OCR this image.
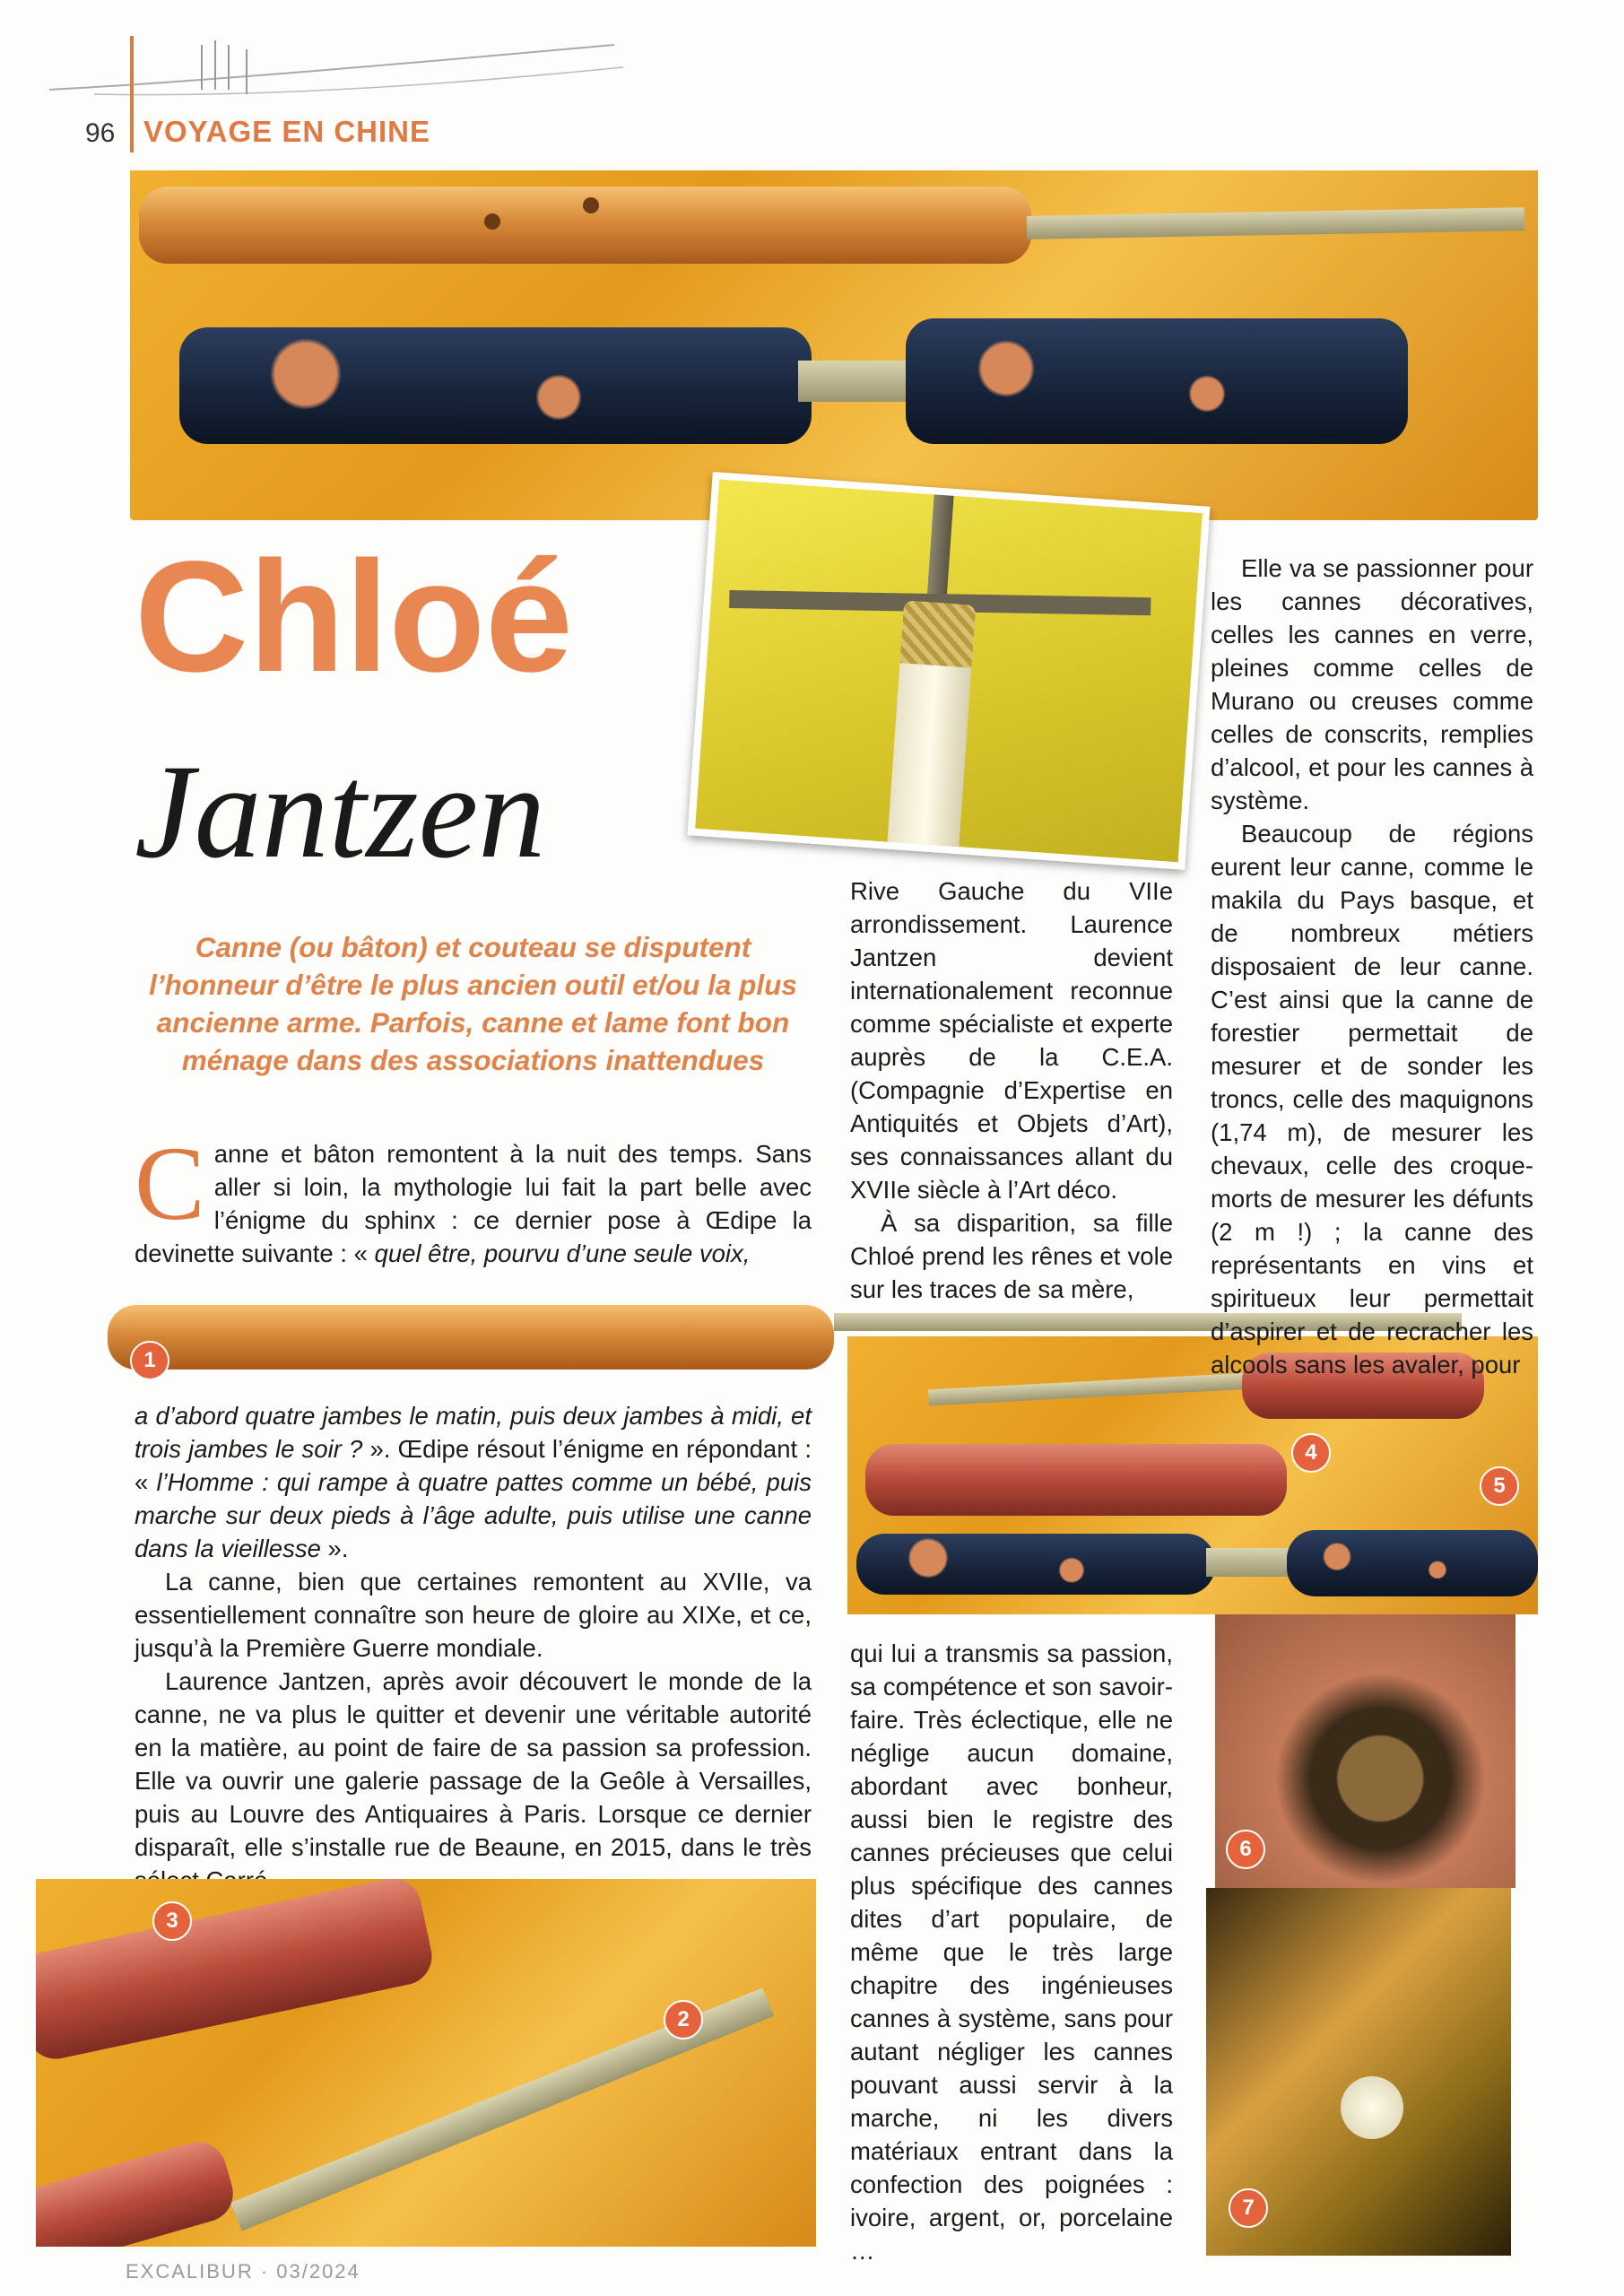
96 VOYAGE EN CHINE
Chloé
Jantzen
Canne (ou bâton) et couteau se disputent l’honneur d’être le plus ancien outil et/ou la plus ancienne arme. Parfois, canne et lame font bon ménage dans des associations inattendues

Canne et bâton remontent à la nuit des temps. Sans aller si loin, la mythologie lui fait la part belle avec l’énigme du sphinx : ce dernier pose à Œdipe la devinette suivante : « quel être, pourvu d’une seule voix,

1

a d’abord quatre jambes le matin, puis deux jambes à midi, et trois jambes le soir ? ». Œdipe résout l’énigme en répondant : « l’Homme : qui rampe à quatre pattes comme un bébé, puis marche sur deux pieds à l’âge adulte, puis utilise une canne dans la vieillesse ».

La canne, bien que certaines remontent au XVIIe, va essentiellement connaître son heure de gloire au XIXe, et ce, jusqu’à la Première Guerre mondiale.

Laurence Jantzen, après avoir découvert le monde de la canne, ne va plus le quitter et devenir une véritable autorité en la matière, au point de faire de sa passion sa profession. Elle va ouvrir une galerie passage de la Geôle à Versailles, puis au Louvre des Antiquaires à Paris. Lorsque ce dernier disparaît, elle s’installe rue de Beaune, en 2015, dans le très

3
2

Rive Gauche du VIIe arrondissement. Laurence Jantzen devient internationalement reconnue comme spécialiste et experte auprès de la C.E.A. (Compagnie d’Expertise en Antiquités et Objets d’Art), ses connaissances allant du XVIIe siècle à l’Art déco.

À sa disparition, sa fille Chloé prend les rênes et vole sur les traces de sa mère,

4
5

qui lui a transmis sa passion, sa compétence et son savoir-faire. Très éclectique, elle ne néglige aucun domaine, abordant avec bonheur, aussi bien le registre des cannes précieuses que celui plus spécifique des cannes dites d’art populaire, de même que le très large chapitre des ingénieuses cannes à système, sans pour autant négliger les cannes pouvant aussi servir à la marche, ni les divers matériaux entrant dans la confection des poignées : ivoire, argent, or, porcelaine …

Elle va se passionner pour les cannes décoratives, celles les cannes en verre, pleines comme celles de Murano ou creuses comme celles de conscrits, remplies d’alcool, et pour les cannes à système.

Beaucoup de régions eurent leur canne, comme le makila du Pays basque, et de nombreux métiers disposaient de leur canne. C’est ainsi que la canne de forestier permettait de mesurer et de sonder les troncs, celle des maquignons (1,74 m), de mesurer les chevaux, celle des croque-morts de mesurer les défunts (2 m !) ; la canne des représentants en vins et spiritueux leur permettait d’aspirer et de recracher les alcools sans les avaler, pour

6
7
EXCALIBUR · 03/2024
